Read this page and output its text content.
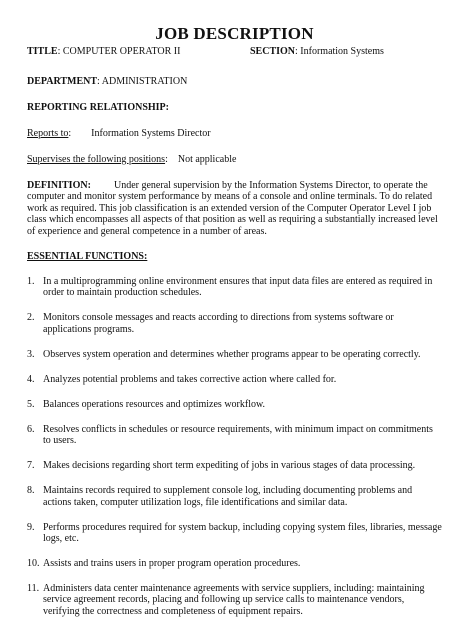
JOB DESCRIPTION
TITLE: COMPUTER OPERATOR II	SECTION: Information Systems
DEPARTMENT: ADMINISTRATION
REPORTING RELATIONSHIP:
Reports to:        Information Systems Director
Supervises the following positions:    Not applicable
DEFINITION: Under general supervision by the Information Systems Director, to operate the computer and monitor system performance by means of a console and online terminals. To do related work as required. This job classification is an extended version of the Computer Operator Level I job class which encompasses all aspects of that position as well as requiring a substantially increased level of experience and general competence in a number of areas.
ESSENTIAL FUNCTIONS:
1. In a multiprogramming online environment ensures that input data files are entered as required in order to maintain production schedules.
2. Monitors console messages and reacts according to directions from systems software or applications programs.
3. Observes system operation and determines whether programs appear to be operating correctly.
4. Analyzes potential problems and takes corrective action where called for.
5. Balances operations resources and optimizes workflow.
6. Resolves conflicts in schedules or resource requirements, with minimum impact on commitments to users.
7. Makes decisions regarding short term expediting of jobs in various stages of data processing.
8. Maintains records required to supplement console log, including documenting problems and actions taken, computer utilization logs, file identifications and similar data.
9. Performs procedures required for system backup, including copying system files, libraries, message logs, etc.
10. Assists and trains users in proper program operation procedures.
11. Administers data center maintenance agreements with service suppliers, including: maintaining service agreement records, placing and following up service calls to maintenance vendors, verifying the correctness and completeness of equipment repairs.
